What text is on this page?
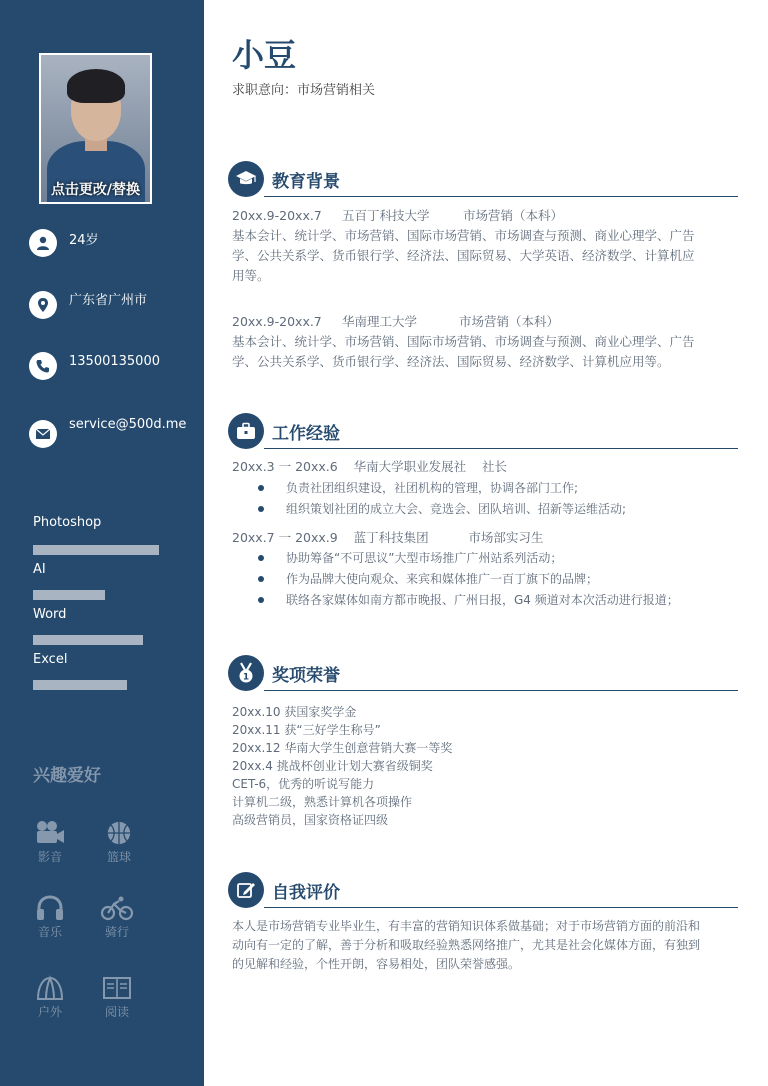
点击更改/替换
24岁
广东省广州市
13500135000
service@500d.me
Photoshop
AI
Word
Excel
兴趣爱好
影音	篮球
音乐	骑行
户外	阅读
小豆
求职意向：市场营销相关
教育背景
20xx.9-20xx.7	五百丁科技大学	市场营销（本科）
基本会计、统计学、市场营销、国际市场营销、市场调查与预测、商业心理学、广告
学、公共关系学、货币银行学、经济法、国际贸易、大学英语、经济数学、计算机应
用等。
20xx.9-20xx.7	华南理工大学	市场营销（本科）
基本会计、统计学、市场营销、国际市场营销、市场调查与预测、商业心理学、广告
学、公共关系学、货币银行学、经济法、国际贸易、经济数学、计算机应用等。
工作经验
20xx.3 一 20xx.6    华南大学职业发展社    社长
负责社团组织建设，社团机构的管理，协调各部门工作;
组织策划社团的成立大会、竞选会、团队培训、招新等运维活动;
20xx.7 一 20xx.9    蓝丁科技集团          市场部实习生
协助筹备“不可思议”大型市场推广广州站系列活动；
作为品牌大使向观众、来宾和媒体推广一百丁旗下的品牌；
联络各家媒体如南方都市晚报、广州日报，G4 频道对本次活动进行报道；
1 奖项荣誉
20xx.10 获国家奖学金
20xx.11 获“三好学生称号”
20xx.12 华南大学生创意营销大赛一等奖
20xx.4 挑战杯创业计划大赛省级铜奖
CET-6，优秀的听说写能力
计算机二级，熟悉计算机各项操作
高级营销员，国家资格证四级
自我评价
本人是市场营销专业毕业生，有丰富的营销知识体系做基础；对于市场营销方面的前沿和
动向有一定的了解，善于分析和吸取经验熟悉网络推广，尤其是社会化媒体方面，有独到
的见解和经验，个性开朗，容易相处，团队荣誉感强。
